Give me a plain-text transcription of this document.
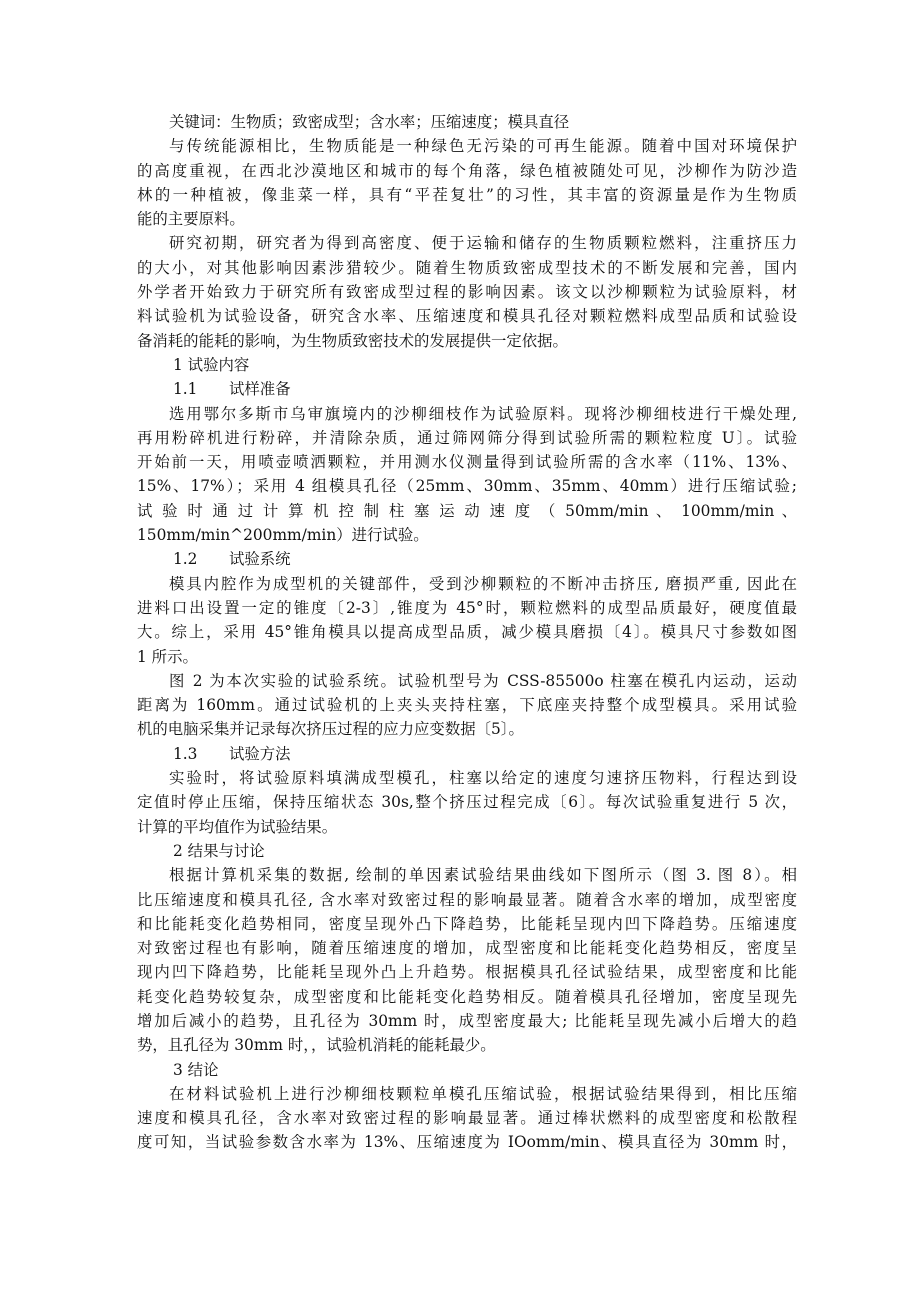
关键词：生物质；致密成型；含水率；压缩速度；模具直径
与传统能源相比，生物质能是一种绿色无污染的可再生能源。随着中国对环境保护
的高度重视，在西北沙漠地区和城市的每个角落，绿色植被随处可见，沙柳作为防沙造
林的一种植被，像韭菜一样，具有“平茬复壮”的习性，其丰富的资源量是作为生物质
能的主要原料。
研究初期，研究者为得到高密度、便于运输和储存的生物质颗粒燃料，注重挤压力
的大小，对其他影响因素涉猎较少。随着生物质致密成型技术的不断发展和完善，国内
外学者开始致力于研究所有致密成型过程的影响因素。该文以沙柳颗粒为试验原料，材
料试验机为试验设备，研究含水率、压缩速度和模具孔径对颗粒燃料成型品质和试验设
备消耗的能耗的影响，为生物质致密技术的发展提供一定依据。
1 试验内容
1.1 试样准备
选用鄂尔多斯市乌审旗境内的沙柳细枝作为试验原料。现将沙柳细枝进行干燥处理,
再用粉碎机进行粉碎，并清除杂质，通过筛网筛分得到试验所需的颗粒粒度 U〕。试验
开始前一天，用喷壶喷洒颗粒，并用测水仪测量得到试验所需的含水率（11%、13%、
15%、17%）；采用 4 组模具孔径（25mm、30mm、35mm、40mm）进行压缩试验;
试 验 时 通 过 计 算 机 控 制 柱 塞 运 动 速 度 （ 50mm/min 、 100mm/min 、
150mm/min^200mm/min）进行试验。
1.2 试验系统
模具内腔作为成型机的关键部件，受到沙柳颗粒的不断冲击挤压, 磨损严重, 因此在
进料口出设置一定的锥度〔2-3〕,锥度为 45°时，颗粒燃料的成型品质最好，硬度值最
大。综上，采用 45°锥角模具以提高成型品质，减少模具磨损〔4〕。模具尺寸参数如图
1 所示。
图 2 为本次实验的试验系统。试验机型号为 CSS-85500o 柱塞在模孔内运动，运动
距离为 160mm。通过试验机的上夹头夹持柱塞，下底座夹持整个成型模具。采用试验
机的电脑采集并记录每次挤压过程的应力应变数据〔5〕。
1.3 试验方法
实验时，将试验原料填满成型模孔，柱塞以给定的速度匀速挤压物料，行程达到设
定值时停止压缩，保持压缩状态 30s,整个挤压过程完成〔6〕。每次试验重复进行 5 次，
计算的平均值作为试验结果。
2 结果与讨论
根据计算机采集的数据, 绘制的单因素试验结果曲线如下图所示（图 3. 图 8）。相
比压缩速度和模具孔径, 含水率对致密过程的影响最显著。随着含水率的增加，成型密度
和比能耗变化趋势相同，密度呈现外凸下降趋势，比能耗呈现内凹下降趋势。压缩速度
对致密过程也有影响，随着压缩速度的增加，成型密度和比能耗变化趋势相反，密度呈
现内凹下降趋势，比能耗呈现外凸上升趋势。根据模具孔径试验结果，成型密度和比能
耗变化趋势较复杂，成型密度和比能耗变化趋势相反。随着模具孔径增加，密度呈现先
增加后减小的趋势，且孔径为 30mm 时，成型密度最大; 比能耗呈现先减小后增大的趋
势，且孔径为 30mm 时，，试验机消耗的能耗最少。
3 结论
在材料试验机上进行沙柳细枝颗粒单模孔压缩试验，根据试验结果得到，相比压缩
速度和模具孔径，含水率对致密过程的影响最显著。通过棒状燃料的成型密度和松散程
度可知，当试验参数含水率为 13%、压缩速度为 IOomm/min、模具直径为 30mm 时，
